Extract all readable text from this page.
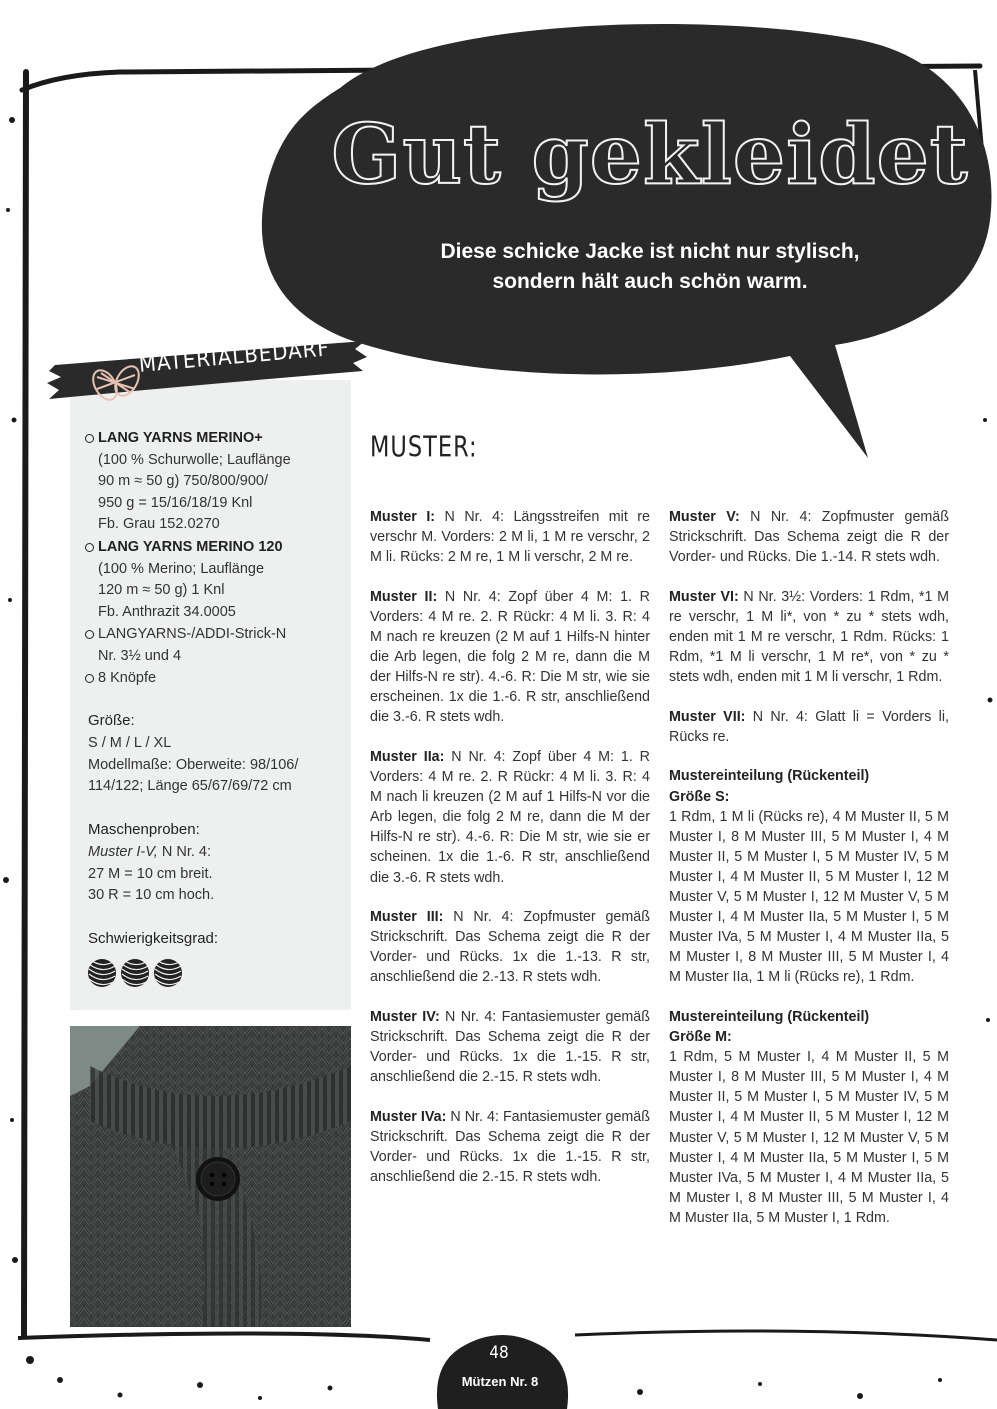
Gut gekleidet
Diese schicke Jacke ist nicht nur stylisch,
sondern hält auch schön warm.
MATERIALBEDARF
LANG YARNS MERINO+
(100 % Schurwolle; Lauflänge
90 m ≈ 50 g) 750/800/900/
950 g = 15/16/18/19 Knl
Fb. Grau 152.0270
LANG YARNS MERINO 120
(100 % Merino; Lauflänge
120 m ≈ 50 g) 1 Knl
Fb. Anthrazit 34.0005
LANGYARNS-/ADDI-Strick-N
Nr. 3½ und 4
8 Knöpfe
Größe:
S / M / L / XL
Modellmaße: Oberweite: 98/106/
114/122; Länge 65/67/69/72 cm
Maschenproben:
Muster I-V, N Nr. 4:
27 M = 10 cm breit.
30 R = 10 cm hoch.
Schwierigkeitsgrad:
MUSTER:

Muster I: N Nr. 4: Längsstreifen mit re verschr M. Vorders: 2 M li, 1 M re verschr, 2 M li. Rücks: 2 M re, 1 M li verschr, 2 M re.

Muster II: N Nr. 4: Zopf über 4 M: 1. R Vorders: 4 M re. 2. R Rückr: 4 M li. 3. R: 4 M nach re kreuzen (2 M auf 1 Hilfs-N hinter die Arb legen, die folg 2 M re, dann die M der Hilfs-N re str). 4.-6. R: Die M str, wie sie erscheinen. 1x die 1.-6. R str, anschließend die 3.-6. R stets wdh.

Muster IIa: N Nr. 4: Zopf über 4 M: 1. R Vorders: 4 M re. 2. R Rückr: 4 M li. 3. R: 4 M nach li kreuzen (2 M auf 1 Hilfs-N vor die Arb legen, die folg 2 M re, dann die M der Hilfs-N re str). 4.-6. R: Die M str, wie sie er scheinen. 1x die 1.-6. R str, anschließend die 3.-6. R stets wdh.

Muster III: N Nr. 4: Zopfmuster gemäß Strickschrift. Das Schema zeigt die R der Vorder- und Rücks. 1x die 1.-13. R str, anschließend die 2.-13. R stets wdh.

Muster IV: N Nr. 4: Fantasiemuster gemäß Strickschrift. Das Schema zeigt die R der Vorder- und Rücks. 1x die 1.-15. R str, anschließend die 2.-15. R stets wdh.

Muster IVa: N Nr. 4: Fantasiemuster gemäß Strickschrift. Das Schema zeigt die R der Vorder- und Rücks. 1x die 1.-15. R str, anschließend die 2.-15. R stets wdh.

Muster V: N Nr. 4: Zopfmuster gemäß Strickschrift. Das Schema zeigt die R der Vorder- und Rücks. Die 1.-14. R stets wdh.

Muster VI: N Nr. 3½: Vorders: 1 Rdm, *1 M re verschr, 1 M li*, von * zu * stets wdh, enden mit 1 M re verschr, 1 Rdm. Rücks: 1 Rdm, *1 M li verschr, 1 M re*, von * zu * stets wdh, enden mit 1 M li verschr, 1 Rdm.

Muster VII: N Nr. 4: Glatt li = Vorders li, Rücks re.

Mustereinteilung (Rückenteil)
Größe S:
1 Rdm, 1 M li (Rücks re), 4 M Muster II, 5 M Muster I, 8 M Muster III, 5 M Muster I, 4 M Muster II, 5 M Muster I, 5 M Muster IV, 5 M Muster I, 4 M Muster II, 5 M Muster I, 12 M Muster V, 5 M Muster I, 12 M Muster V, 5 M Muster I, 4 M Muster IIa, 5 M Muster I, 5 M Muster IVa, 5 M Muster I, 4 M Muster IIa, 5 M Muster I, 8 M Muster III, 5 M Muster I, 4 M Muster IIa, 1 M li (Rücks re), 1 Rdm.

Mustereinteilung (Rückenteil)
Größe M:
1 Rdm, 5 M Muster I, 4 M Muster II, 5 M Muster I, 8 M Muster III, 5 M Muster I, 4 M Muster II, 5 M Muster I, 5 M Muster IV, 5 M Muster I, 4 M Muster II, 5 M Muster I, 12 M Muster V, 5 M Muster I, 12 M Muster V, 5 M Muster I, 4 M Muster IIa, 5 M Muster I, 5 M Muster IVa, 5 M Muster I, 4 M Muster IIa, 5 M Muster I, 8 M Muster III, 5 M Muster I, 4 M Muster IIa, 5 M Muster I, 1 Rdm.

48
Mützen Nr. 8
